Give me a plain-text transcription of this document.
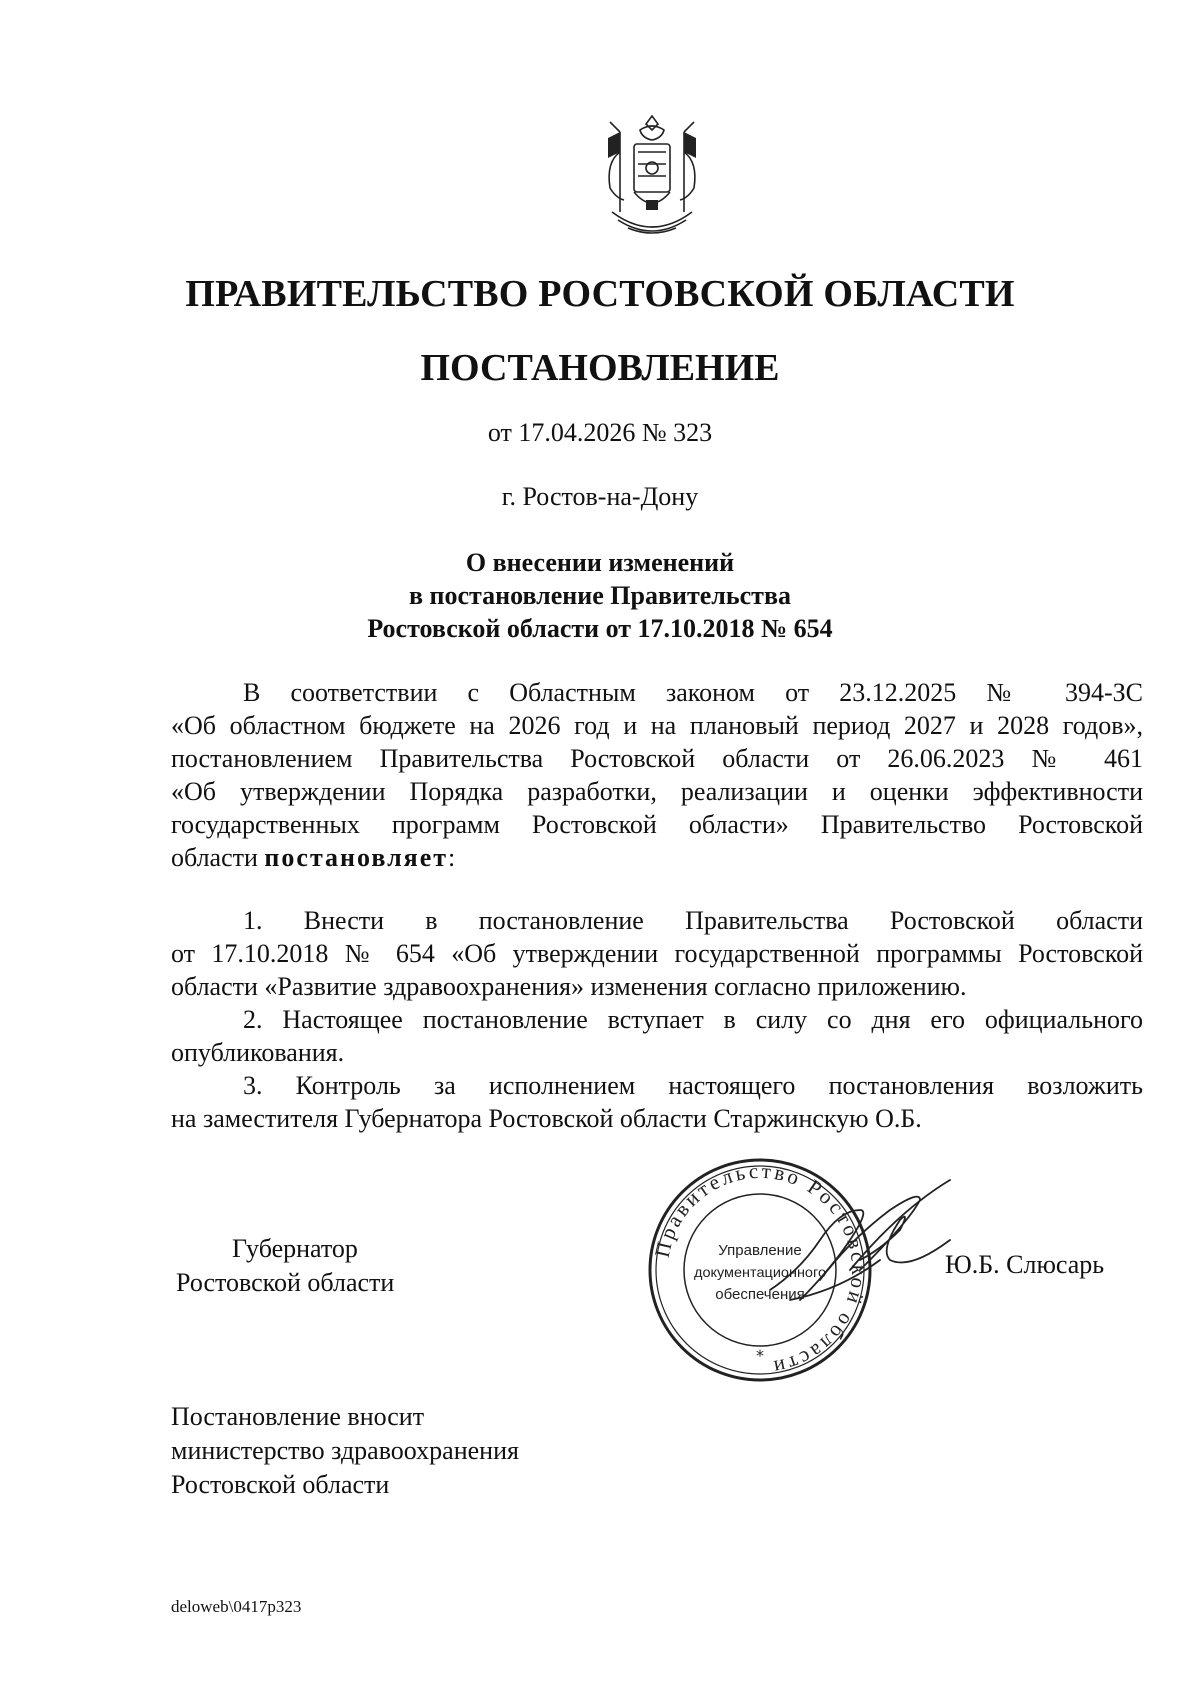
ПРАВИТЕЛЬСТВО РОСТОВСКОЙ ОБЛАСТИ
ПОСТАНОВЛЕНИЕ
от 17.04.2026 № 323
г. Ростов-на-Дону
О внесении изменений
в постановление Правительства
Ростовской области от 17.10.2018 № 654
В соответствии с Областным законом от 23.12.2025 № 394-ЗС
«Об областном бюджете на 2026 год и на плановый период 2027 и 2028 годов»,
постановлением Правительства Ростовской области от 26.06.2023 № 461
«Об утверждении Порядка разработки, реализации и оценки эффективности
государственных программ Ростовской области» Правительство Ростовской
области постановляет:
1. Внести в постановление Правительства Ростовской области
от 17.10.2018 № 654 «Об утверждении государственной программы Ростовской
области «Развитие здравоохранения» изменения согласно приложению.
2. Настоящее постановление вступает в силу со дня его официального
опубликования.
3. Контроль за исполнением настоящего постановления возложить
на заместителя Губернатора Ростовской области Старжинскую О.Б.
Губернатор
Ростовской области
Правительство Ростовской области
Управление
документационного
обеспечения
*
Ю.Б. Слюсарь
Постановление вносит
министерство здравоохранения
Ростовской области
deloweb\0417p323
